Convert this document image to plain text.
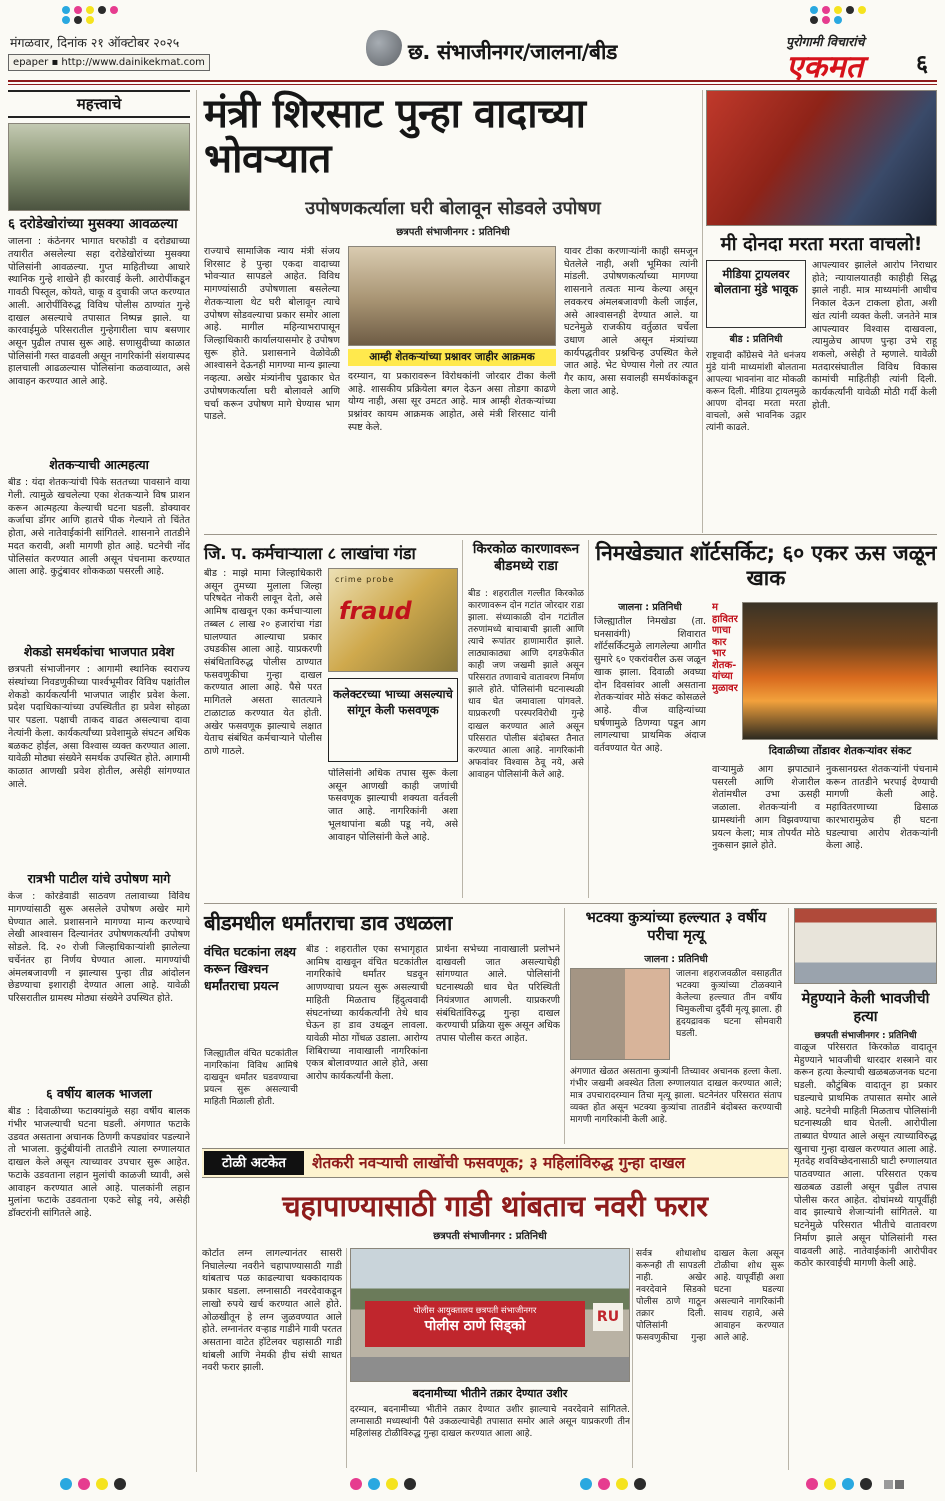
मंगळवार, दिनांक २१ ऑक्टोबर २०२५
epaper ▪ http://www.dainikekmat.com	छ. संभाजीनगर/जालना/बीड	पुरोगामी विचारांचे
एकमत ६
महत्त्वाचे
६ दरोडेखोरांच्या मुसक्या आवळल्या
जालना : कंठेनगर भागात घरफोडी व दरोड्याच्या तयारीत असलेल्या सहा दरोडेखोरांच्या मुसक्या पोलिसांनी आवळल्या. गुप्त माहितीच्या आधारे स्थानिक गुन्हे शाखेने ही कारवाई केली. आरोपींकडून गावठी पिस्तूल, कोयते, चाकू व दुचाकी जप्त करण्यात आली. आरोपींविरुद्ध विविध पोलीस ठाण्यांत गुन्हे दाखल असल्याचे तपासात निष्पन्न झाले. या कारवाईमुळे परिसरातील गुन्हेगारीला चाप बसणार असून पुढील तपास सुरू आहे. सणासुदीच्या काळात पोलिसांनी गस्त वाढवली असून नागरिकांनी संशयास्पद हालचाली आढळल्यास पोलिसांना कळवाव्यात, असे आवाहन करण्यात आले आहे.
शेतकऱ्याची आत्महत्या
बीड : यंदा शेतकऱ्यांची पिके सततच्या पावसाने वाया गेली. त्यामुळे खचलेल्या एका शेतकऱ्याने विष प्राशन करून आत्महत्या केल्याची घटना घडली. डोक्यावर कर्जाचा डोंगर आणि हातचे पीक गेल्याने तो चिंतेत होता, असे नातेवाईकांनी सांगितले. शासनाने तातडीने मदत करावी, अशी मागणी होत आहे. घटनेची नोंद पोलिसांत करण्यात आली असून पंचनामा करण्यात आला आहे. कुटुंबावर शोककळा पसरली आहे.
शेकडो समर्थकांचा भाजपात प्रवेश
छत्रपती संभाजीनगर : आगामी स्थानिक स्वराज्य संस्थांच्या निवडणुकीच्या पार्श्वभूमीवर विविध पक्षांतील शेकडो कार्यकर्त्यांनी भाजपात जाहीर प्रवेश केला. प्रदेश पदाधिकाऱ्यांच्या उपस्थितीत हा प्रवेश सोहळा पार पडला. पक्षाची ताकद वाढत असल्याचा दावा नेत्यांनी केला. कार्यकर्त्यांच्या प्रवेशामुळे संघटन अधिक बळकट होईल, असा विश्वास व्यक्त करण्यात आला. यावेळी मोठ्या संख्येने समर्थक उपस्थित होते. आगामी काळात आणखी प्रवेश होतील, असेही सांगण्यात आले.
रात्रभी पाटील यांचे उपोषण मागे
केज : कोरडेवाडी साठवण तलावाच्या विविध मागण्यांसाठी सुरू असलेले उपोषण अखेर मागे घेण्यात आले. प्रशासनाने मागण्या मान्य करण्याचे लेखी आश्वासन दिल्यानंतर उपोषणकर्त्यांनी उपोषण सोडले. दि. २० रोजी जिल्हाधिकाऱ्यांशी झालेल्या चर्चेनंतर हा निर्णय घेण्यात आला. मागण्यांची अंमलबजावणी न झाल्यास पुन्हा तीव्र आंदोलन छेडण्याचा इशाराही देण्यात आला आहे. यावेळी परिसरातील ग्रामस्थ मोठ्या संख्येने उपस्थित होते.
६ वर्षीय बालक भाजला
बीड : दिवाळीच्या फटाक्यांमुळे सहा वर्षीय बालक गंभीर भाजल्याची घटना घडली. अंगणात फटाके उडवत असताना अचानक ठिणगी कपड्यांवर पडल्याने तो भाजला. कुटुंबीयांनी तातडीने त्याला रुग्णालयात दाखल केले असून त्याच्यावर उपचार सुरू आहेत. फटाके उडवताना लहान मुलांची काळजी घ्यावी, असे आवाहन करण्यात आले आहे. पालकांनी लहान मुलांना फटाके उडवताना एकटे सोडू नये, असेही डॉक्टरांनी सांगितले आहे.
मंत्री शिरसाट पुन्हा वादाच्या भोवऱ्यात
उपोषणकर्त्याला घरी बोलावून सोडवले उपोषण
छत्रपती संभाजीनगर : प्रतिनिधी
राज्याचे सामाजिक न्याय मंत्री संजय शिरसाट हे पुन्हा एकदा वादाच्या भोवऱ्यात सापडले आहेत. विविध मागण्यांसाठी उपोषणाला बसलेल्या शेतकऱ्याला थेट घरी बोलावून त्याचे उपोषण सोडवल्याचा प्रकार समोर आला आहे. मागील महिन्याभरापासून जिल्हाधिकारी कार्यालयासमोर हे उपोषण सुरू होते. प्रशासनाने वेळोवेळी आश्वासने देऊनही मागण्या मान्य झाल्या नव्हत्या. अखेर मंत्र्यांनीच पुढाकार घेत उपोषणकर्त्याला घरी बोलावले आणि चर्चा करून उपोषण मागे घेण्यास भाग पाडले.
आम्ही शेतकऱ्यांच्या प्रश्नावर जाहीर आक्रमक
दरम्यान, या प्रकारावरून विरोधकांनी जोरदार टीका केली आहे. शासकीय प्रक्रियेला बगल देऊन असा तोडगा काढणे योग्य नाही, असा सूर उमटत आहे. मात्र आम्ही शेतकऱ्यांच्या प्रश्नांवर कायम आक्रमक आहोत, असे मंत्री शिरसाट यांनी स्पष्ट केले.
यावर टीका करणाऱ्यांनी काही समजून घेतलेले नाही, अशी भूमिका त्यांनी मांडली. उपोषणकर्त्याच्या मागण्या शासनाने तत्वतः मान्य केल्या असून लवकरच अंमलबजावणी केली जाईल, असे आश्वासनही देण्यात आले. या घटनेमुळे राजकीय वर्तुळात चर्चेला उधाण आले असून मंत्र्यांच्या कार्यपद्धतीवर प्रश्नचिन्ह उपस्थित केले जात आहे. भेट घेण्यास गेलो तर त्यात गैर काय, असा सवालही समर्थकांकडून केला जात आहे.
मी दोनदा मरता मरता वाचलो!
मीडिया ट्रायलवर बोलताना मुंडे भावूक
बीड : प्रतिनिधी
राष्ट्रवादी काँग्रेसचे नेते धनंजय मुंडे यांनी माध्यमांशी बोलताना आपल्या भावनांना वाट मोकळी करून दिली. मीडिया ट्रायलमुळे आपण दोनदा मरता मरता वाचलो, असे भावनिक उद्गार त्यांनी काढले.
आपल्यावर झालेले आरोप निराधार होते; न्यायालयातही काहीही सिद्ध झाले नाही. मात्र माध्यमांनी आधीच निकाल देऊन टाकला होता, अशी खंत त्यांनी व्यक्त केली. जनतेने मात्र आपल्यावर विश्वास दाखवला, त्यामुळेच आपण पुन्हा उभे राहू शकलो, असेही ते म्हणाले. यावेळी मतदारसंघातील विविध विकास कामांची माहितीही त्यांनी दिली. कार्यकर्त्यांनी यावेळी मोठी गर्दी केली होती.
जि. प. कर्मचाऱ्याला ८ लाखांचा गंडा
बीड : माझे मामा जिल्हाधिकारी असून तुमच्या मुलाला जिल्हा परिषदेत नोकरी लावून देतो, असे आमिष दाखवून एका कर्मचाऱ्याला तब्बल ८ लाख २० हजारांचा गंडा घालण्यात आल्याचा प्रकार उघडकीस आला आहे. याप्रकरणी संबंधिताविरुद्ध पोलीस ठाण्यात फसवणुकीचा गुन्हा दाखल करण्यात आला आहे. पैसे परत मागितले असता सातत्याने टाळाटाळ करण्यात येत होती. अखेर फसवणूक झाल्याचे लक्षात येताच संबंधित कर्मचाऱ्याने पोलीस ठाणे गाठले.
crime probe
fraud
कलेक्टरच्या भाच्या असल्याचे सांगून केली फसवणूक
पोलिसांनी अधिक तपास सुरू केला असून आणखी काही जणांची फसवणूक झाल्याची शक्यता वर्तवली जात आहे. नागरिकांनी अशा भूलथापांना बळी पडू नये, असे आवाहन पोलिसांनी केले आहे.
किरकोळ कारणावरून बीडमध्ये राडा
बीड : शहरातील गल्लीत किरकोळ कारणावरून दोन गटांत जोरदार राडा झाला. संध्याकाळी दोन गटांतील तरुणांमध्ये बाचाबाची झाली आणि त्याचे रूपांतर हाणामारीत झाले. लाठ्याकाठ्या आणि दगडफेकीत काही जण जखमी झाले असून परिसरात तणावाचे वातावरण निर्माण झाले होते. पोलिसांनी घटनास्थळी धाव घेत जमावाला पांगवले. याप्रकरणी परस्परविरोधी गुन्हे दाखल करण्यात आले असून परिसरात पोलीस बंदोबस्त तैनात करण्यात आला आहे. नागरिकांनी अफवांवर विश्वास ठेवू नये, असे आवाहन पोलिसांनी केले आहे.
निमखेड्यात शॉर्टसर्किट; ६० एकर ऊस जळून खाक
जालना : प्रतिनिधी
जिल्ह्यातील निमखेडा (ता. घनसावंगी) शिवारात शॉर्टसर्किटमुळे लागलेल्या आगीत सुमारे ६० एकरांवरील ऊस जळून खाक झाला. दिवाळी अवघ्या दोन दिवसांवर आली असताना शेतकऱ्यांवर मोठे संकट कोसळले आहे. वीज वाहिन्यांच्या घर्षणामुळे ठिणग्या पडून आग लागल्याचा प्राथमिक अंदाज वर्तवण्यात येत आहे.
महावितरणाचा कारभार शेतक-यांच्या मुळावर
दिवाळीच्या तोंडावर शेतकऱ्यांवर संकट
वाऱ्यामुळे आग झपाट्याने पसरली आणि शेजारील शेतांमधील उभा ऊसही जळाला. शेतकऱ्यांनी व ग्रामस्थांनी आग विझवण्याचा प्रयत्न केला; मात्र तोपर्यंत मोठे नुकसान झाले होते.
नुकसानग्रस्त शेतकऱ्यांनी पंचनामे करून तातडीने भरपाई देण्याची मागणी केली आहे. महावितरणाच्या ढिसाळ कारभारामुळेच ही घटना घडल्याचा आरोप शेतकऱ्यांनी केला आहे.
बीडमधील धर्मांतराचा डाव उधळला
वंचित घटकांना लक्ष्य करून खिश्चन धर्मांतराचा प्रयत्न
जिल्ह्यातील वंचित घटकांतील नागरिकांना विविध आमिषे दाखवून धर्मांतर घडवण्याचा प्रयत्न सुरू असल्याची माहिती मिळाली होती.
बीड : शहरातील एका सभागृहात आमिष दाखवून वंचित घटकांतील नागरिकांचे धर्मांतर घडवून आणण्याचा प्रयत्न सुरू असल्याची माहिती मिळताच हिंदुत्ववादी संघटनांच्या कार्यकर्त्यांनी तेथे धाव घेऊन हा डाव उधळून लावला. यावेळी मोठा गोंधळ उडाला. आरोग्य शिबिराच्या नावाखाली नागरिकांना एकत्र बोलावण्यात आले होते, असा आरोप कार्यकर्त्यांनी केला.
प्रार्थना सभेच्या नावाखाली प्रलोभने दाखवली जात असल्याचेही सांगण्यात आले. पोलिसांनी घटनास्थळी धाव घेत परिस्थिती नियंत्रणात आणली. याप्रकरणी संबंधितांविरुद्ध गुन्हा दाखल करण्याची प्रक्रिया सुरू असून अधिक तपास पोलीस करत आहेत.
भटक्या कुत्र्यांच्या हल्ल्यात ३ वर्षीय परीचा मृत्यू
जालना : प्रतिनिधी
जालना शहराजवळील वसाहतीत भटक्या कुत्र्यांच्या टोळक्याने केलेल्या हल्ल्यात तीन वर्षीय चिमुकलीचा दुर्दैवी मृत्यू झाला. ही हृदयद्रावक घटना सोमवारी घडली.
अंगणात खेळत असताना कुत्र्यांनी तिच्यावर अचानक हल्ला केला. गंभीर जखमी अवस्थेत तिला रुग्णालयात दाखल करण्यात आले; मात्र उपचारादरम्यान तिचा मृत्यू झाला. घटनेनंतर परिसरात संताप व्यक्त होत असून भटक्या कुत्र्यांचा तातडीने बंदोबस्त करण्याची मागणी नागरिकांनी केली आहे.
मेहुण्याने केली भावजीची हत्या
छत्रपती संभाजीनगर : प्रतिनिधी
वाळूज परिसरात किरकोळ वादातून मेहुण्याने भावजीची धारदार शस्त्राने वार करून हत्या केल्याची खळबळजनक घटना घडली. कौटुंबिक वादातून हा प्रकार घडल्याचे प्राथमिक तपासात समोर आले आहे. घटनेची माहिती मिळताच पोलिसांनी घटनास्थळी धाव घेतली. आरोपीला ताब्यात घेण्यात आले असून त्याच्याविरुद्ध खुनाचा गुन्हा दाखल करण्यात आला आहे. मृतदेह शवविच्छेदनासाठी घाटी रुग्णालयात पाठवण्यात आला. परिसरात एकच खळबळ उडाली असून पुढील तपास पोलीस करत आहेत. दोघांमध्ये यापूर्वीही वाद झाल्याचे शेजाऱ्यांनी सांगितले. या घटनेमुळे परिसरात भीतीचे वातावरण निर्माण झाले असून पोलिसांनी गस्त वाढवली आहे. नातेवाईकांनी आरोपीवर कठोर कारवाईची मागणी केली आहे.
टोळी अटकेत	शेतकरी नवऱ्याची लाखोंची फसवणूक; ३ महिलांविरुद्ध गुन्हा दाखल
चहापाण्यासाठी गाडी थांबताच नवरी फरार
छत्रपती संभाजीनगर : प्रतिनिधी
कोर्टात लग्न लागल्यानंतर सासरी निघालेल्या नवरीने चहापाण्यासाठी गाडी थांबताच पळ काढल्याचा धक्कादायक प्रकार घडला. लग्नासाठी नवरदेवाकडून लाखो रुपये खर्च करण्यात आले होते. ओळखीतून हे लग्न जुळवण्यात आले होते. लग्नानंतर वऱ्हाड गाडीने गावी परतत असताना वाटेत हॉटेलवर चहासाठी गाडी थांबली आणि नेमकी हीच संधी साधत नवरी फरार झाली.
पोलीस आयुक्तालय छत्रपती संभाजीनगर
पोलीस ठाणे सिड्को
RU
बदनामीच्या भीतीने तक्रार देण्यात उशीर
दरम्यान, बदनामीच्या भीतीने तक्रार देण्यात उशीर झाल्याचे नवरदेवाने सांगितले. लग्नासाठी मध्यस्थांनी पैसे उकळल्याचेही तपासात समोर आले असून याप्रकरणी तीन महिलांसह टोळीविरुद्ध गुन्हा दाखल करण्यात आला आहे.
सर्वत्र शोधाशोध करूनही ती सापडली नाही. अखेर नवरदेवाने सिडको पोलीस ठाणे गाठून तक्रार दिली. पोलिसांनी फसवणुकीचा गुन्हा दाखल केला असून टोळीचा शोध सुरू आहे. यापूर्वीही अशा घटना घडल्या असल्याने नागरिकांनी सावध राहावे, असे आवाहन करण्यात आले आहे.
